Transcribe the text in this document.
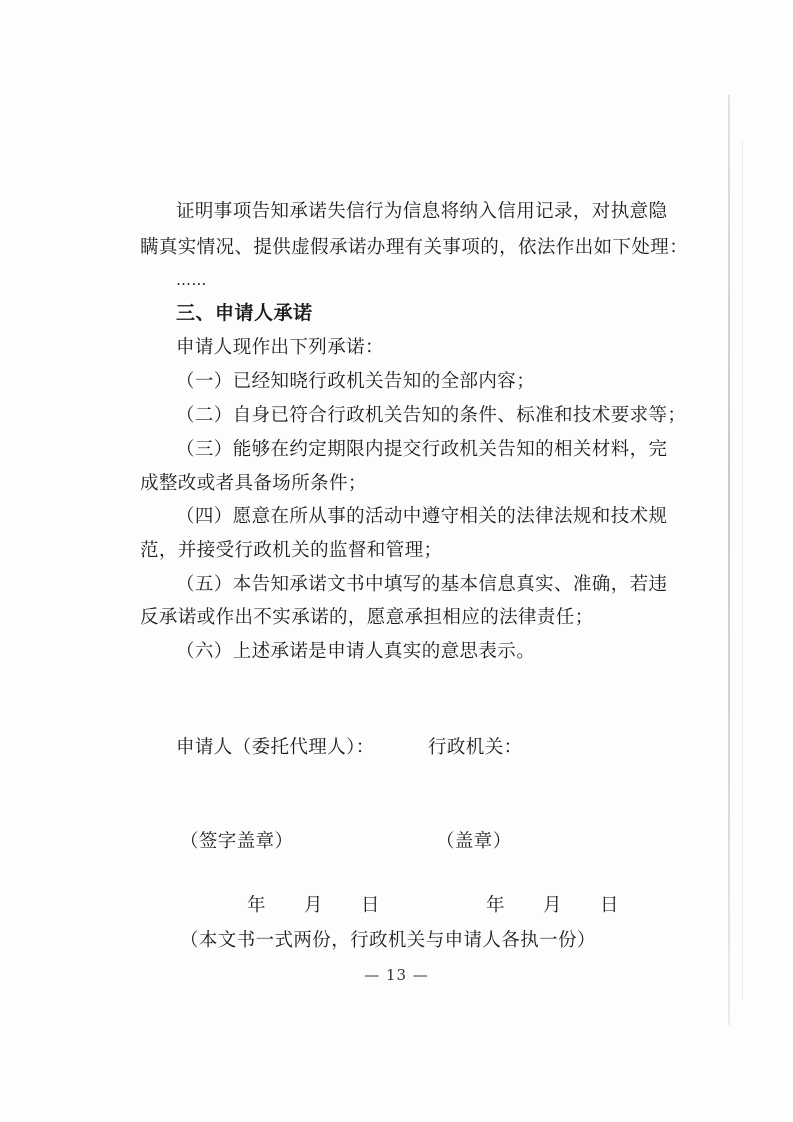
证明事项告知承诺失信行为信息将纳入信用记录，对执意隐
瞒真实情况、提供虚假承诺办理有关事项的，依法作出如下处理：
……
三、申请人承诺
申请人现作出下列承诺：
（一）已经知晓行政机关告知的全部内容；
（二）自身已符合行政机关告知的条件、标准和技术要求等；
（三）能够在约定期限内提交行政机关告知的相关材料，完
成整改或者具备场所条件；
（四）愿意在所从事的活动中遵守相关的法律法规和技术规
范，并接受行政机关的监督和管理；
（五）本告知承诺文书中填写的基本信息真实、准确，若违
反承诺或作出不实承诺的，愿意承担相应的法律责任；
（六）上述承诺是申请人真实的意思表示。
申请人（委托代理人）：	行政机关：
（签字盖章）	（盖章）
年　月　日	年　月　日
（本文书一式两份，行政机关与申请人各执一份）
— 13 —
